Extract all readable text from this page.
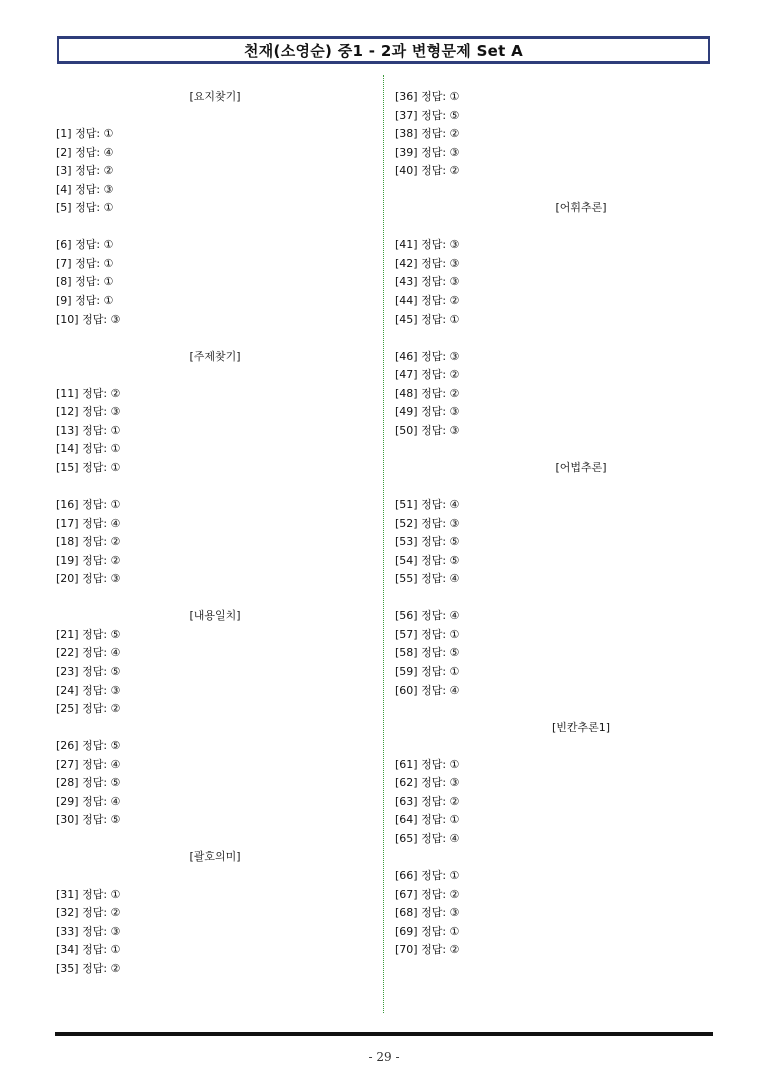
천재(소영순) 중1 - 2과 변형문제 Set A
[요지찾기]
[1] 정답: ①
[2] 정답: ④
[3] 정답: ②
[4] 정답: ③
[5] 정답: ①
[6] 정답: ①
[7] 정답: ①
[8] 정답: ①
[9] 정답: ①
[10] 정답: ③
[주제찾기]
[11] 정답: ②
[12] 정답: ③
[13] 정답: ①
[14] 정답: ①
[15] 정답: ①
[16] 정답: ①
[17] 정답: ④
[18] 정답: ②
[19] 정답: ②
[20] 정답: ③
[내용일치]
[21] 정답: ⑤
[22] 정답: ④
[23] 정답: ⑤
[24] 정답: ③
[25] 정답: ②
[26] 정답: ⑤
[27] 정답: ④
[28] 정답: ⑤
[29] 정답: ④
[30] 정답: ⑤
[괄호의미]
[31] 정답: ①
[32] 정답: ②
[33] 정답: ③
[34] 정답: ①
[35] 정답: ②
[36] 정답: ①
[37] 정답: ⑤
[38] 정답: ②
[39] 정답: ③
[40] 정답: ②
[어휘추론]
[41] 정답: ③
[42] 정답: ③
[43] 정답: ③
[44] 정답: ②
[45] 정답: ①
[46] 정답: ③
[47] 정답: ②
[48] 정답: ②
[49] 정답: ③
[50] 정답: ③
[어법추론]
[51] 정답: ④
[52] 정답: ③
[53] 정답: ⑤
[54] 정답: ⑤
[55] 정답: ④
[56] 정답: ④
[57] 정답: ①
[58] 정답: ⑤
[59] 정답: ①
[60] 정답: ④
[빈칸추론1]
[61] 정답: ①
[62] 정답: ③
[63] 정답: ②
[64] 정답: ①
[65] 정답: ④
[66] 정답: ①
[67] 정답: ②
[68] 정답: ③
[69] 정답: ①
[70] 정답: ②
- 29 -
